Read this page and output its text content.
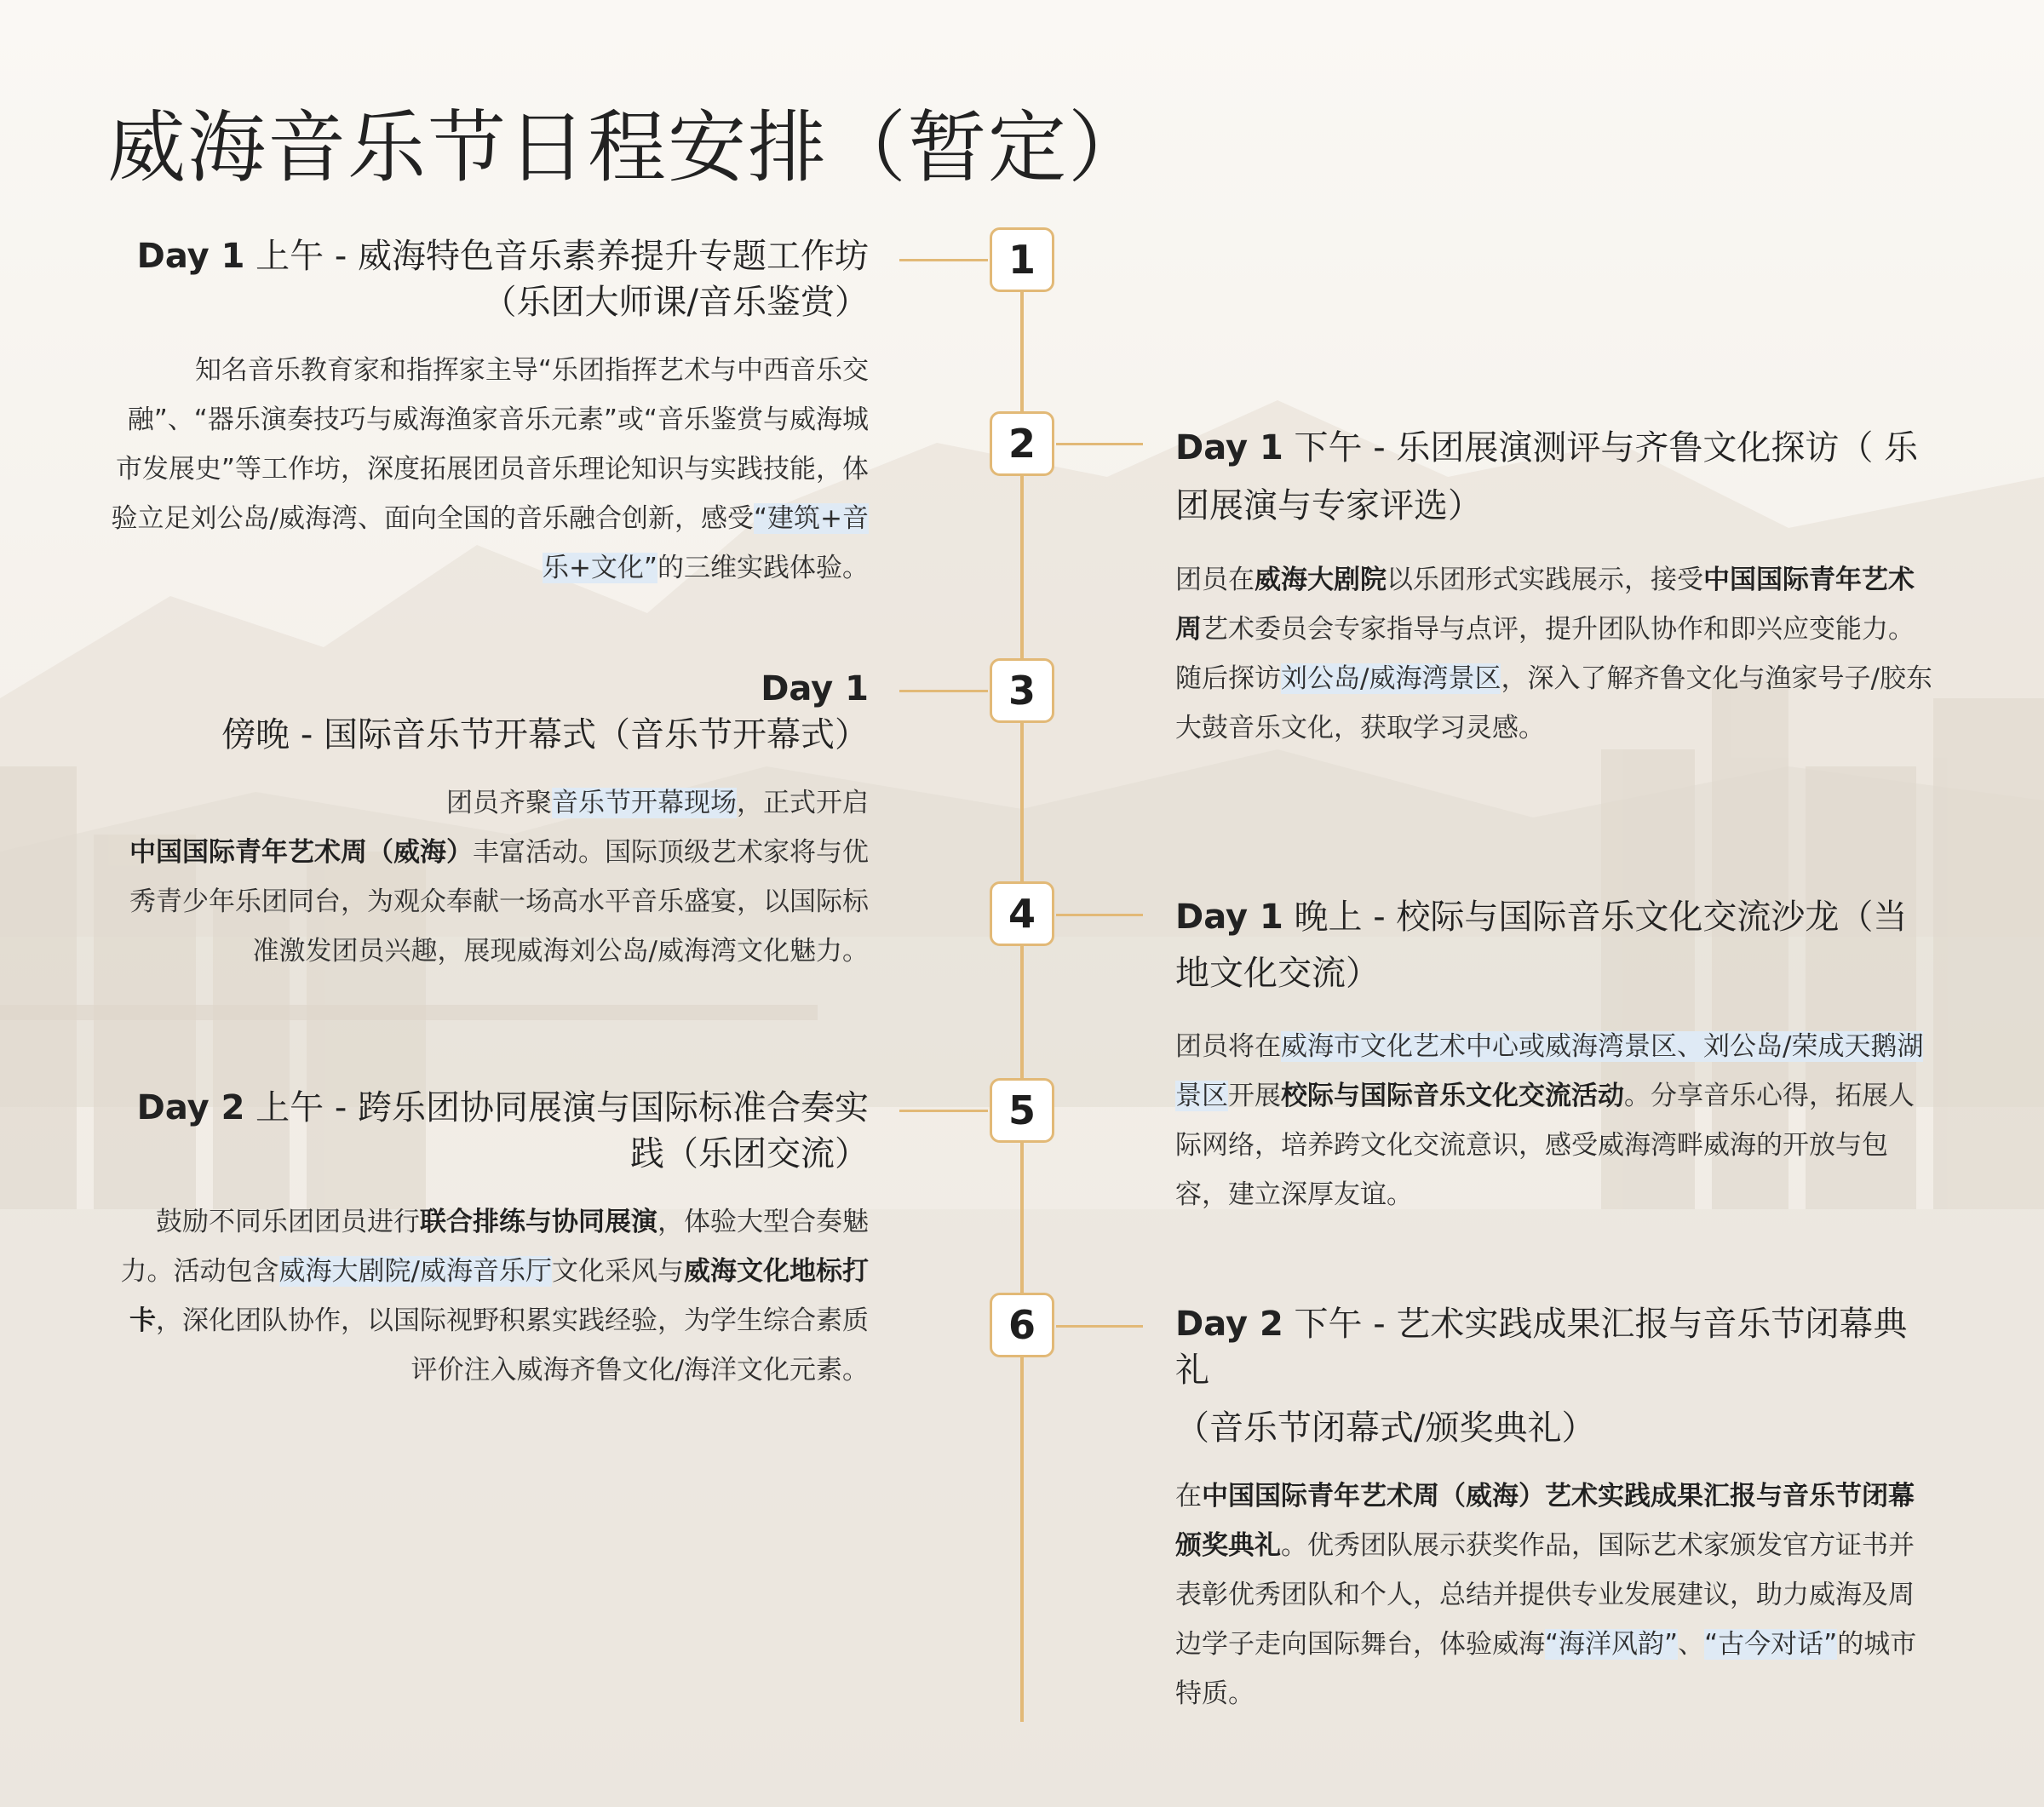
威海音乐节日程安排（暂定）
1
2
3
4
5
6
Day 1 上午 - 威海特色音乐素养提升专题工作坊（乐团大师课/音乐鉴赏）

知名音乐教育家和指挥家主导“乐团指挥艺术与中西音乐交融”、“器乐演奏技巧与威海渔家音乐元素”或“音乐鉴赏与威海城市发展史”等工作坊，深度拓展团员音乐理论知识与实践技能，体验立足刘公岛/威海湾、面向全国的音乐融合创新，感受“建筑+音乐+文化”的三维实践体验。

Day 1 下午 - 乐团展演测评与齐鲁文化探访（ 乐团展演与专家评选）

团员在威海大剧院以乐团形式实践展示，接受中国国际青年艺术周艺术委员会专家指导与点评，提升团队协作和即兴应变能力。随后探访刘公岛/威海湾景区，深入了解齐鲁文化与渔家号子/胶东大鼓音乐文化，获取学习灵感。

Day 1 傍晚 - 国际音乐节开幕式（音乐节开幕式）

团员齐聚音乐节开幕现场，正式开启中国国际青年艺术周（威海）丰富活动。国际顶级艺术家将与优秀青少年乐团同台，为观众奉献一场高水平音乐盛宴，以国际标准激发团员兴趣，展现威海刘公岛/威海湾文化魅力。

Day 1 晚上 - 校际与国际音乐文化交流沙龙（当地文化交流）

团员将在威海市文化艺术中心或威海湾景区、刘公岛/荣成天鹅湖景区开展校际与国际音乐文化交流活动。分享音乐心得，拓展人际网络，培养跨文化交流意识，感受威海湾畔威海的开放与包容，建立深厚友谊。

Day 2 上午 - 跨乐团协同展演与国际标准合奏实践（乐团交流）

鼓励不同乐团团员进行联合排练与协同展演，体验大型合奏魅力。活动包含威海大剧院/威海音乐厅文化采风与威海文化地标打卡，深化团队协作，以国际视野积累实践经验，为学生综合素质评价注入威海齐鲁文化/海洋文化元素。

Day 2 下午 - 艺术实践成果汇报与音乐节闭幕典礼
（音乐节闭幕式/颁奖典礼）

在中国国际青年艺术周（威海）艺术实践成果汇报与音乐节闭幕颁奖典礼。优秀团队展示获奖作品，国际艺术家颁发官方证书并表彰优秀团队和个人，总结并提供专业发展建议，助力威海及周边学子走向国际舞台，体验威海“海洋风韵”、“古今对话”的城市特质。
